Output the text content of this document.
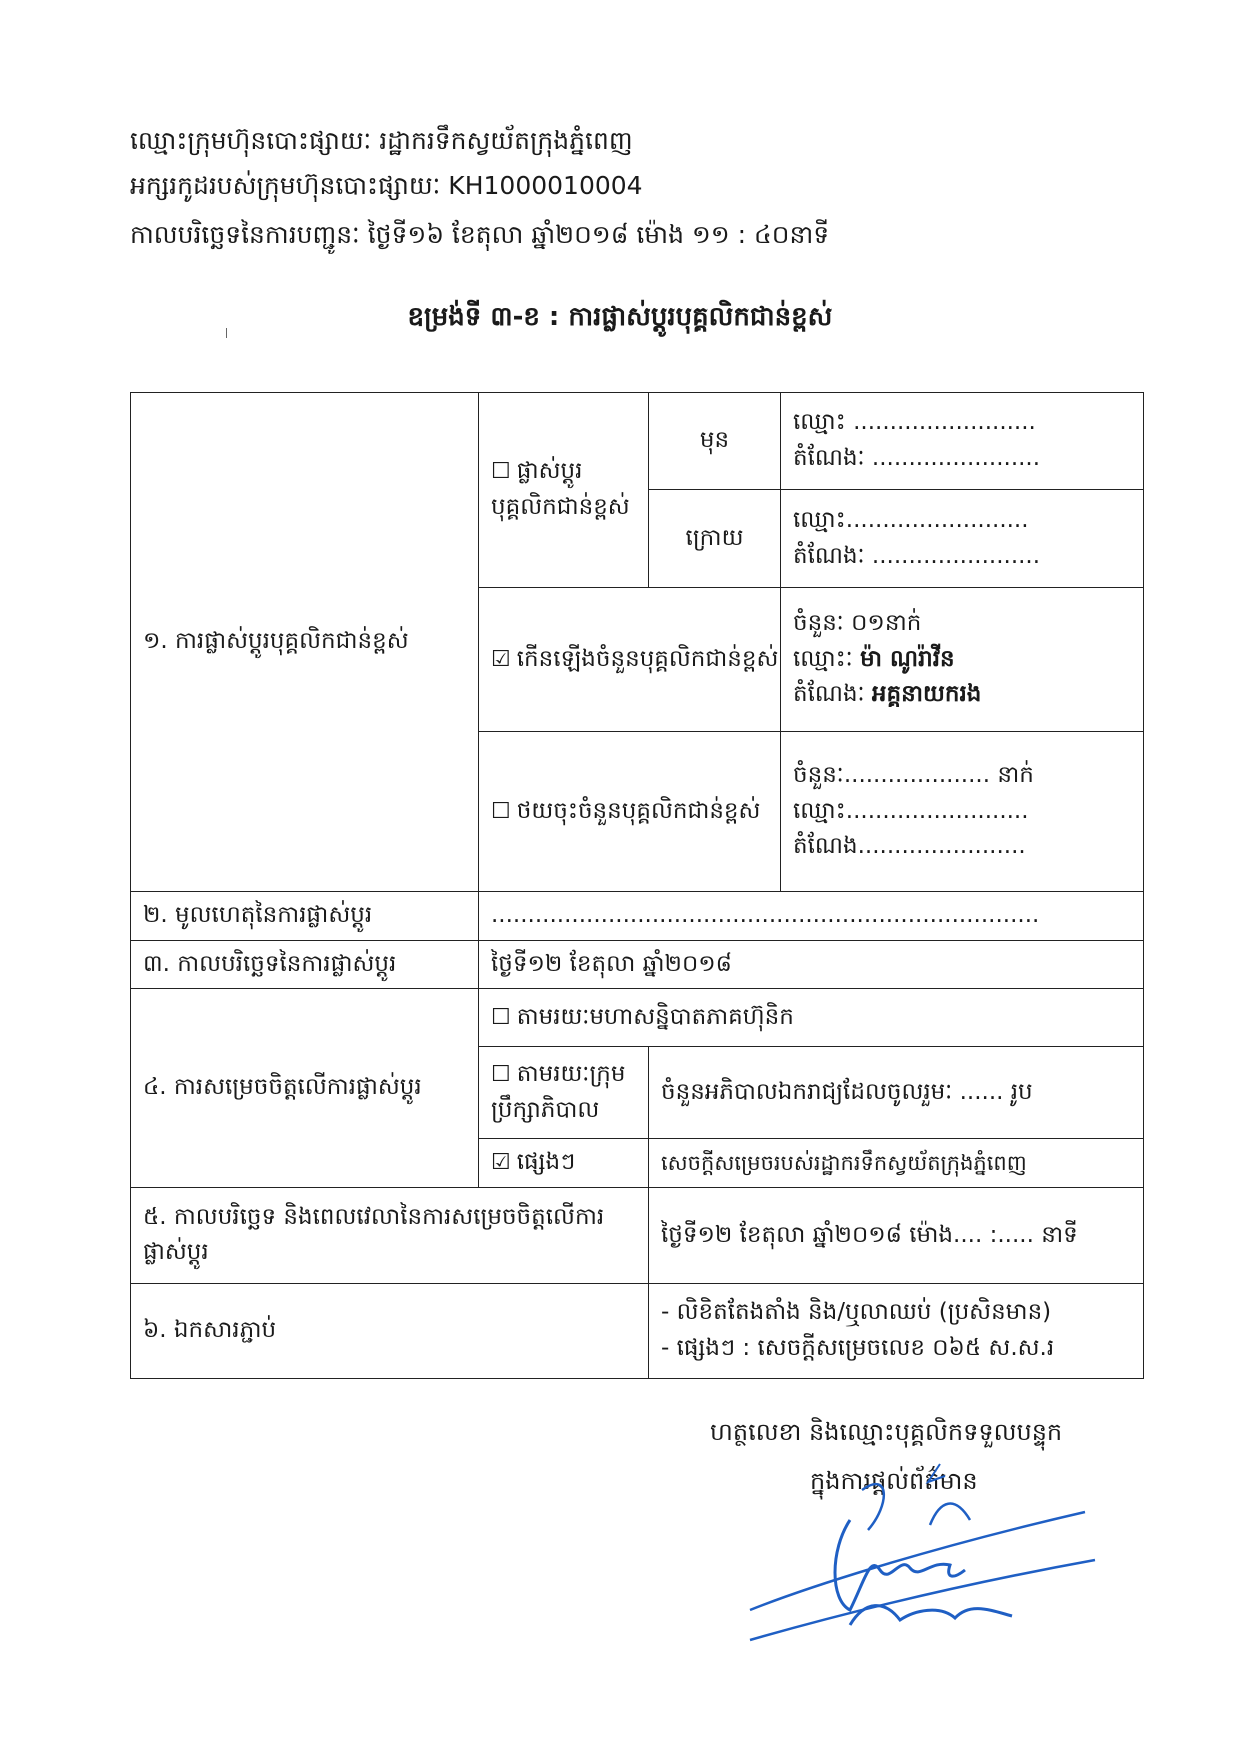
ឈ្មោះក្រុមហ៊ុនបោះផ្សាយៈ រដ្ឋាករទឹកស្វយ័តក្រុងភ្នំពេញ
អក្សរកូដរបស់ក្រុមហ៊ុនបោះផ្សាយៈ KH1000010004
កាលបរិច្ឆេទនៃការបញ្ជូនៈ ថ្ងៃទី១៦ ខែតុលា ឆ្នាំ២០១៨ ម៉ោង ១១ : ៤០នាទី
ឧម្រង់ទី ៣-ខ : ការផ្លាស់ប្តូរបុគ្គលិកជាន់ខ្ពស់
១. ការផ្លាស់ប្តូរបុគ្គលិកជាន់ខ្ពស់	☐ ផ្លាស់ប្តូរបុគ្គលិកជាន់ខ្ពស់	មុន	ឈ្មោះ .........................
តំណែងៈ .......................

		ក្រោយ	ឈ្មោះ.........................
តំណែងៈ .......................

	☑ កើនឡើងចំនួនបុគ្គលិកជាន់ខ្ពស់		ចំនួនៈ ០១នាក់
ឈ្មោះៈ ម៉ា ណូរ៉ាវីន
តំណែងៈ អគ្គនាយករង

	☐ ថយចុះចំនួនបុគ្គលិកជាន់ខ្ពស់		ចំនួនៈ.................... នាក់
ឈ្មោះ.........................
តំណែង.......................

២. មូលហេតុនៃការផ្លាស់ប្តូរ	...........................................................................		
៣. កាលបរិច្ឆេទនៃការផ្លាស់ប្តូរ	ថ្ងៃទី១២ ខែតុលា ឆ្នាំ២០១៨		
៤. ការសម្រេចចិត្តលើការផ្លាស់ប្តូរ	☐ តាមរយៈមហាសន្និបាតភាគហ៊ុនិក		
	☐ តាមរយៈក្រុមប្រឹក្សាភិបាល	ចំនួនអភិបាលឯករាជ្យដែលចូលរួមៈ ...... រូប	
	☑ ផ្សេងៗ	សេចក្តីសម្រេចរបស់រដ្ឋាករទឹកស្វយ័តក្រុងភ្នំពេញ	
៥. កាលបរិច្ឆេទ និងពេលវេលានៃការសម្រេចចិត្តលើការផ្លាស់ប្តូរ		ថ្ងៃទី១២ ខែតុលា ឆ្នាំ២០១៨ ម៉ោង.... :..... នាទី	
៦. ឯកសារភ្ជាប់		- លិខិតតែងតាំង និង/ឬលាឈប់ (ប្រសិនមាន)
- ផ្សេងៗ : សេចក្តីសម្រេចលេខ ០៦៥ ស.ស.រ	
ហត្ថលេខា និងឈ្មោះបុគ្គលិកទទួលបន្ទុក
ក្នុងការផ្តល់ព័ត៌មាន
